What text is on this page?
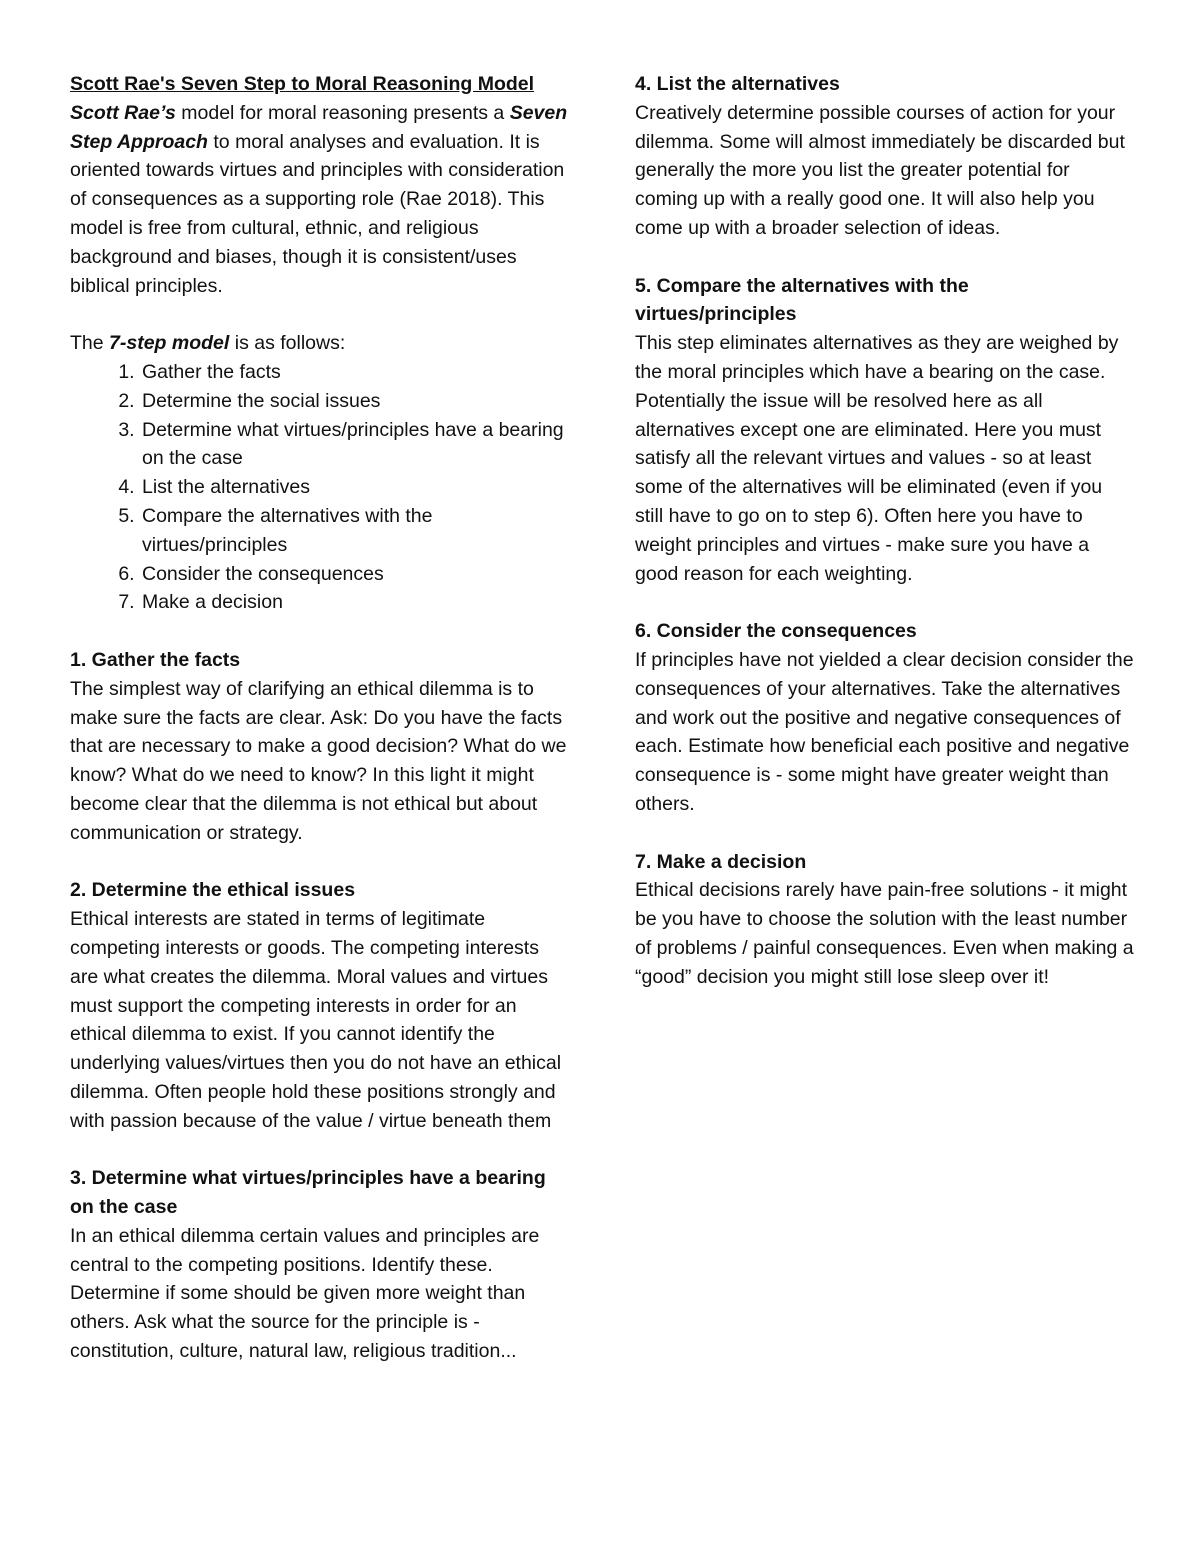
Scott Rae's Seven Step to Moral Reasoning Model

Scott Rae’s model for moral reasoning presents a Seven Step Approach to moral analyses and evaluation. It is oriented towards virtues and principles with consideration of consequences as a supporting role (Rae 2018). This model is free from cultural, ethnic, and religious background and biases, though it is consistent/uses biblical principles.

The 7-step model is as follows:

1. Gather the facts
2. Determine the social issues
3. Determine what virtues/principles have a bearing on the case
4. List the alternatives
5. Compare the alternatives with the virtues/principles
6. Consider the consequences
7. Make a decision

1. Gather the facts

The simplest way of clarifying an ethical dilemma is to make sure the facts are clear. Ask: Do you have the facts that are necessary to make a good decision? What do we know? What do we need to know? In this light it might become clear that the dilemma is not ethical but about communication or strategy.

2. Determine the ethical issues

Ethical interests are stated in terms of legitimate competing interests or goods. The competing interests are what creates the dilemma. Moral values and virtues must support the competing interests in order for an ethical dilemma to exist. If you cannot identify the underlying values/virtues then you do not have an ethical dilemma. Often people hold these positions strongly and with passion because of the value / virtue beneath them

3. Determine what virtues/principles have a bearing on the case

In an ethical dilemma certain values and principles are central to the competing positions. Identify these. Determine if some should be given more weight than others. Ask what the source for the principle is - constitution, culture, natural law, religious tradition...

4. List the alternatives

Creatively determine possible courses of action for your dilemma. Some will almost immediately be discarded but generally the more you list the greater potential for coming up with a really good one. It will also help you come up with a broader selection of ideas.

5. Compare the alternatives with the virtues/principles

This step eliminates alternatives as they are weighed by the moral principles which have a bearing on the case. Potentially the issue will be resolved here as all alternatives except one are eliminated. Here you must satisfy all the relevant virtues and values - so at least some of the alternatives will be eliminated (even if you still have to go on to step 6). Often here you have to weight principles and virtues - make sure you have a good reason for each weighting.

6. Consider the consequences

If principles have not yielded a clear decision consider the consequences of your alternatives. Take the alternatives and work out the positive and negative consequences of each. Estimate how beneficial each positive and negative consequence is - some might have greater weight than others.

7. Make a decision

Ethical decisions rarely have pain-free solutions - it might be you have to choose the solution with the least number of problems / painful consequences. Even when making a “good” decision you might still lose sleep over it!
